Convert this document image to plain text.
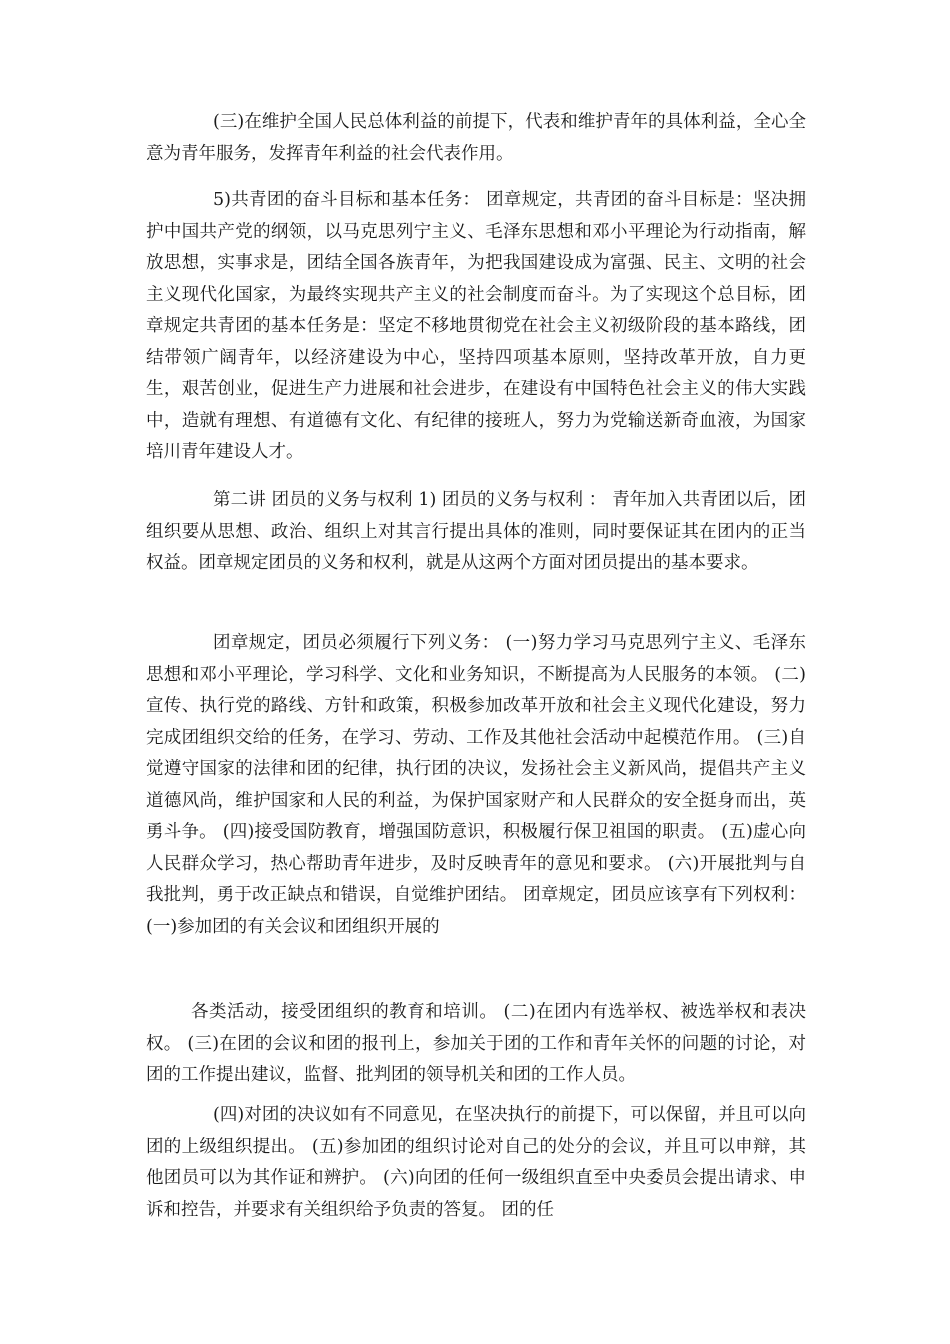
(三)在维护全国人民总体利益的前提下，代表和维护青年的具体利益，全心全意为青年服务，发挥青年利益的社会代表作用。

5)共青团的奋斗目标和基本任务： 团章规定，共青团的奋斗目标是：坚决拥护中国共产党的纲领，以马克思列宁主义、毛泽东思想和邓小平理论为行动指南，解放思想，实事求是，团结全国各族青年，为把我国建设成为富强、民主、文明的社会主义现代化国家，为最终实现共产主义的社会制度而奋斗。为了实现这个总目标，团章规定共青团的基本任务是：坚定不移地贯彻党在社会主义初级阶段的基本路线，团结带领广阔青年，以经济建设为中心，坚持四项基本原则，坚持改革开放，自力更生，艰苦创业，促进生产力进展和社会进步，在建设有中国特色社会主义的伟大实践中，造就有理想、有道德有文化、有纪律的接班人，努力为党输送新奇血液，为国家培川青年建设人才。

第二讲 团员的义务与权利 1) 团员的义务与权利 ： 青年加入共青团以后，团组织要从思想、政治、组织上对其言行提出具体的准则，同时要保证其在团内的正当权益。团章规定团员的义务和权利，就是从这两个方面对团员提出的基本要求。

团章规定，团员必须履行下列义务： (一)努力学习马克思列宁主义、毛泽东思想和邓小平理论，学习科学、文化和业务知识，不断提高为人民服务的本领。 (二)宣传、执行党的路线、方针和政策，积极参加改革开放和社会主义现代化建设，努力完成团组织交给的任务，在学习、劳动、工作及其他社会活动中起模范作用。 (三)自觉遵守国家的法律和团的纪律，执行团的决议，发扬社会主义新风尚，提倡共产主义道德风尚，维护国家和人民的利益，为保护国家财产和人民群众的安全挺身而出，英勇斗争。 (四)接受国防教育，增强国防意识，积极履行保卫祖国的职责。 (五)虚心向人民群众学习，热心帮助青年进步，及时反映青年的意见和要求。 (六)开展批判与自我批判，勇于改正缺点和错误，自觉维护团结。 团章规定，团员应该享有下列权利： (一)参加团的有关会议和团组织开展的

各类活动，接受团组织的教育和培训。 (二)在团内有选举权、被选举权和表决权。 (三)在团的会议和团的报刊上，参加关于团的工作和青年关怀的问题的讨论，对团的工作提出建议，监督、批判团的领导机关和团的工作人员。

(四)对团的决议如有不同意见，在坚决执行的前提下，可以保留，并且可以向团的上级组织提出。 (五)参加团的组织讨论对自己的处分的会议，并且可以申辩，其他团员可以为其作证和辨护。 (六)向团的任何一级组织直至中央委员会提出请求、申诉和控告，并要求有关组织给予负责的答复。 团的任
